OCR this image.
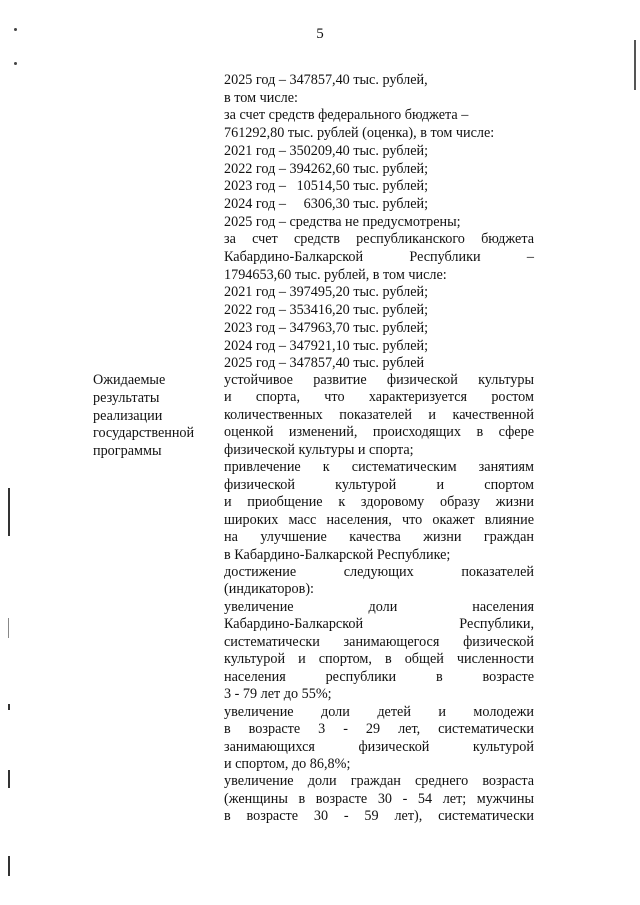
5
2025 год – 347857,40 тыс. рублей,
в том числе:
за счет средств федерального бюджета –
761292,80 тыс. рублей (оценка), в том числе:
2021 год – 350209,40 тыс. рублей;
2022 год – 394262,60 тыс. рублей;
2023 год –   10514,50 тыс. рублей;
2024 год –     6306,30 тыс. рублей;
2025 год – средства не предусмотрены;
за счет средств республиканского бюджета
Кабардино-Балкарской Республики –
1794653,60 тыс. рублей, в том числе:
2021 год – 397495,20 тыс. рублей;
2022 год – 353416,20 тыс. рублей;
2023 год – 347963,70 тыс. рублей;
2024 год – 347921,10 тыс. рублей;
2025 год – 347857,40 тыс. рублей
Ожидаемые
результаты
реализации
государственной
программы
устойчивое развитие физической культуры
и спорта, что характеризуется ростом
количественных показателей и качественной
оценкой изменений, происходящих в сфере
физической культуры и спорта;
привлечение к систематическим занятиям
физической культурой и спортом
и приобщение к здоровому образу жизни
широких масс населения, что окажет влияние
на улучшение качества жизни граждан
в Кабардино-Балкарской Республике;
достижение следующих показателей
(индикаторов):
увеличение доли населения
Кабардино-Балкарской Республики,
систематически занимающегося физической
культурой и спортом, в общей численности
населения республики в возрасте
3 - 79 лет до 55%;
увеличение доли детей и молодежи
в возрасте 3 - 29 лет, систематически
занимающихся физической культурой
и спортом, до 86,8%;
увеличение доли граждан среднего возраста
(женщины в возрасте 30 - 54 лет; мужчины
в возрасте 30 - 59 лет), систематически
